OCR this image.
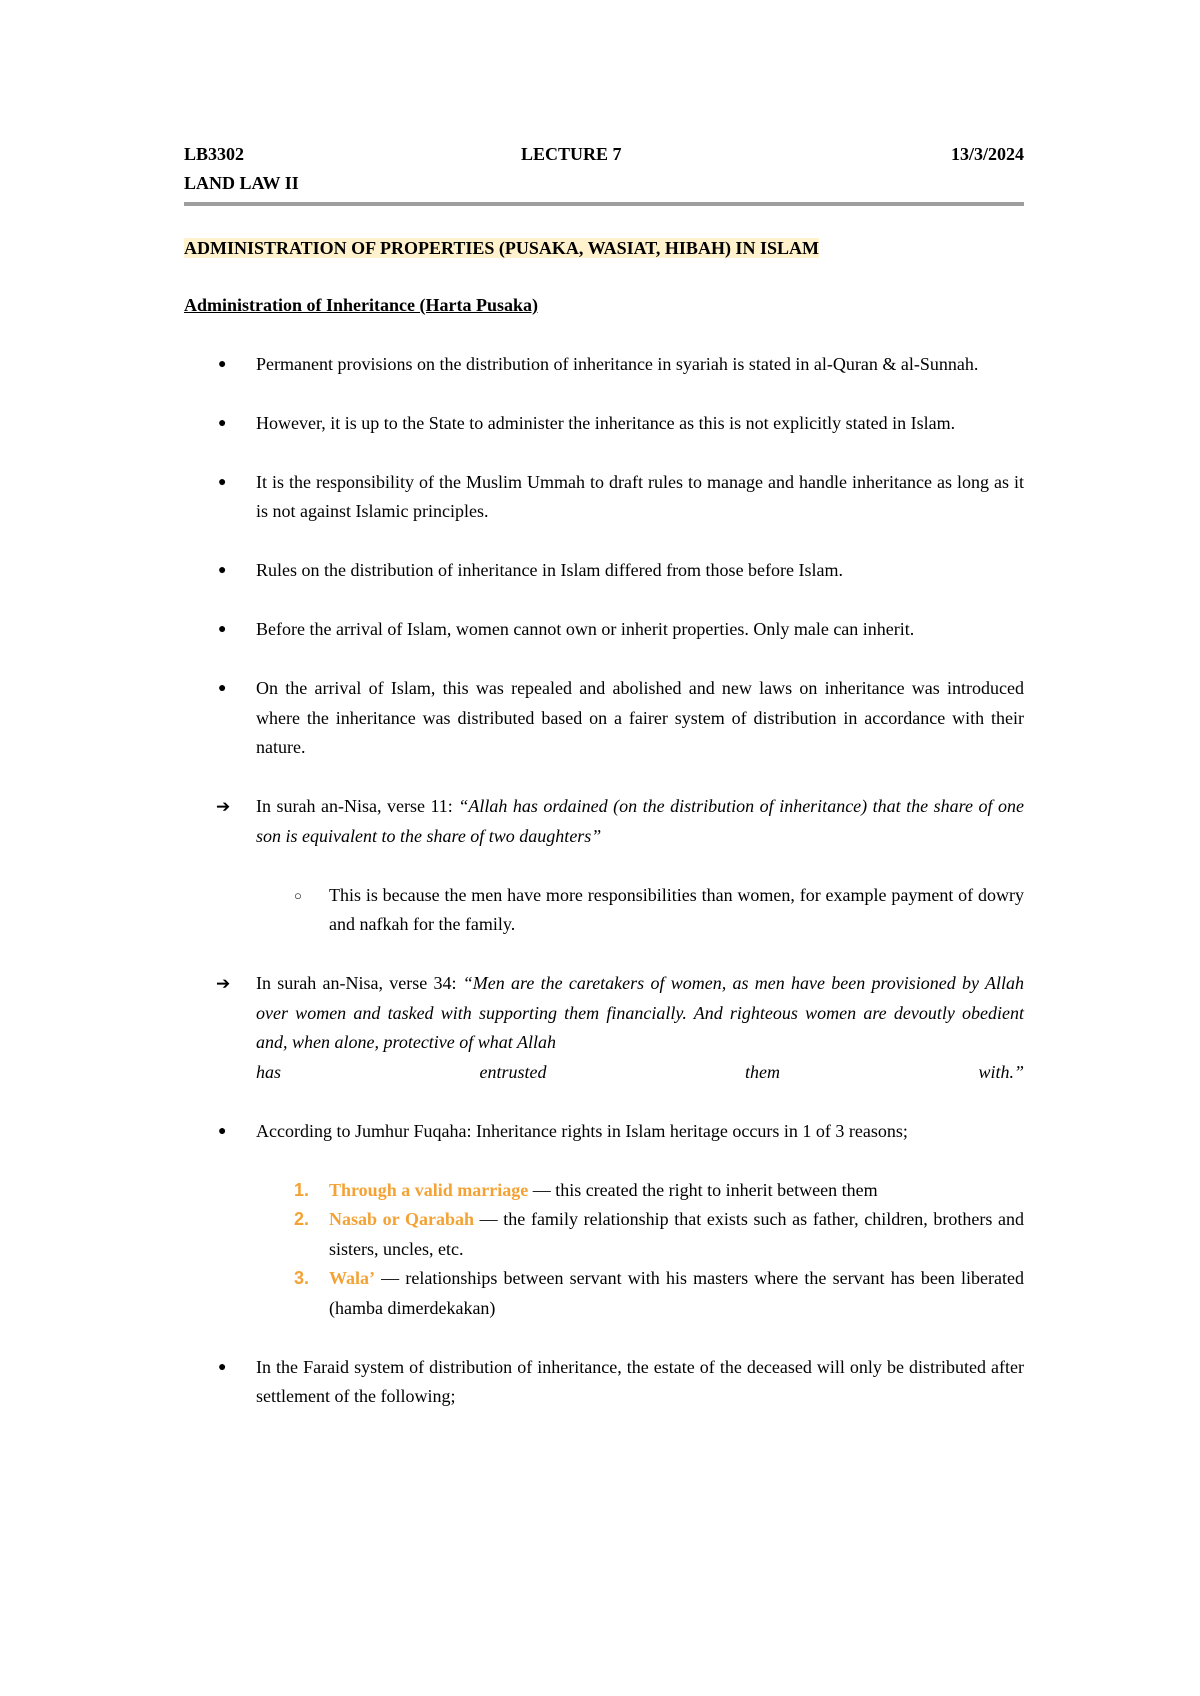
LB3302	LECTURE 7	13/3/2024
LAND LAW II
ADMINISTRATION OF PROPERTIES (PUSAKA, WASIAT, HIBAH) IN ISLAM
Administration of Inheritance (Harta Pusaka)
● Permanent provisions on the distribution of inheritance in syariah is stated in al-Quran & al-Sunnah.
● However, it is up to the State to administer the inheritance as this is not explicitly stated in Islam.
● It is the responsibility of the Muslim Ummah to draft rules to manage and handle inheritance as long as it is not against Islamic principles.
● Rules on the distribution of inheritance in Islam differed from those before Islam.
● Before the arrival of Islam, women cannot own or inherit properties. Only male can inherit.
● On the arrival of Islam, this was repealed and abolished and new laws on inheritance was introduced where the inheritance was distributed based on a fairer system of distribution in accordance with their nature.
➔ In surah an-Nisa, verse 11: “Allah has ordained (on the distribution of inheritance) that the share of one son is equivalent to the share of two daughters”
○ This is because the men have more responsibilities than women, for example payment of dowry and nafkah for the family.
➔ In surah an-Nisa, verse 34: “Men are the caretakers of women, as men have been provisioned by Allah over women and tasked with supporting them financially. And righteous women are devoutly obedient and, when alone, protective of what Allah
has entrusted them with.”
● According to Jumhur Fuqaha: Inheritance rights in Islam heritage occurs in 1 of 3 reasons;
1. Through a valid marriage — this created the right to inherit between them
2. Nasab or Qarabah — the family relationship that exists such as father, children, brothers and sisters, uncles, etc.
3. Wala’ — relationships between servant with his masters where the servant has been liberated (hamba dimerdekakan)
● In the Faraid system of distribution of inheritance, the estate of the deceased will only be distributed after settlement of the following;
